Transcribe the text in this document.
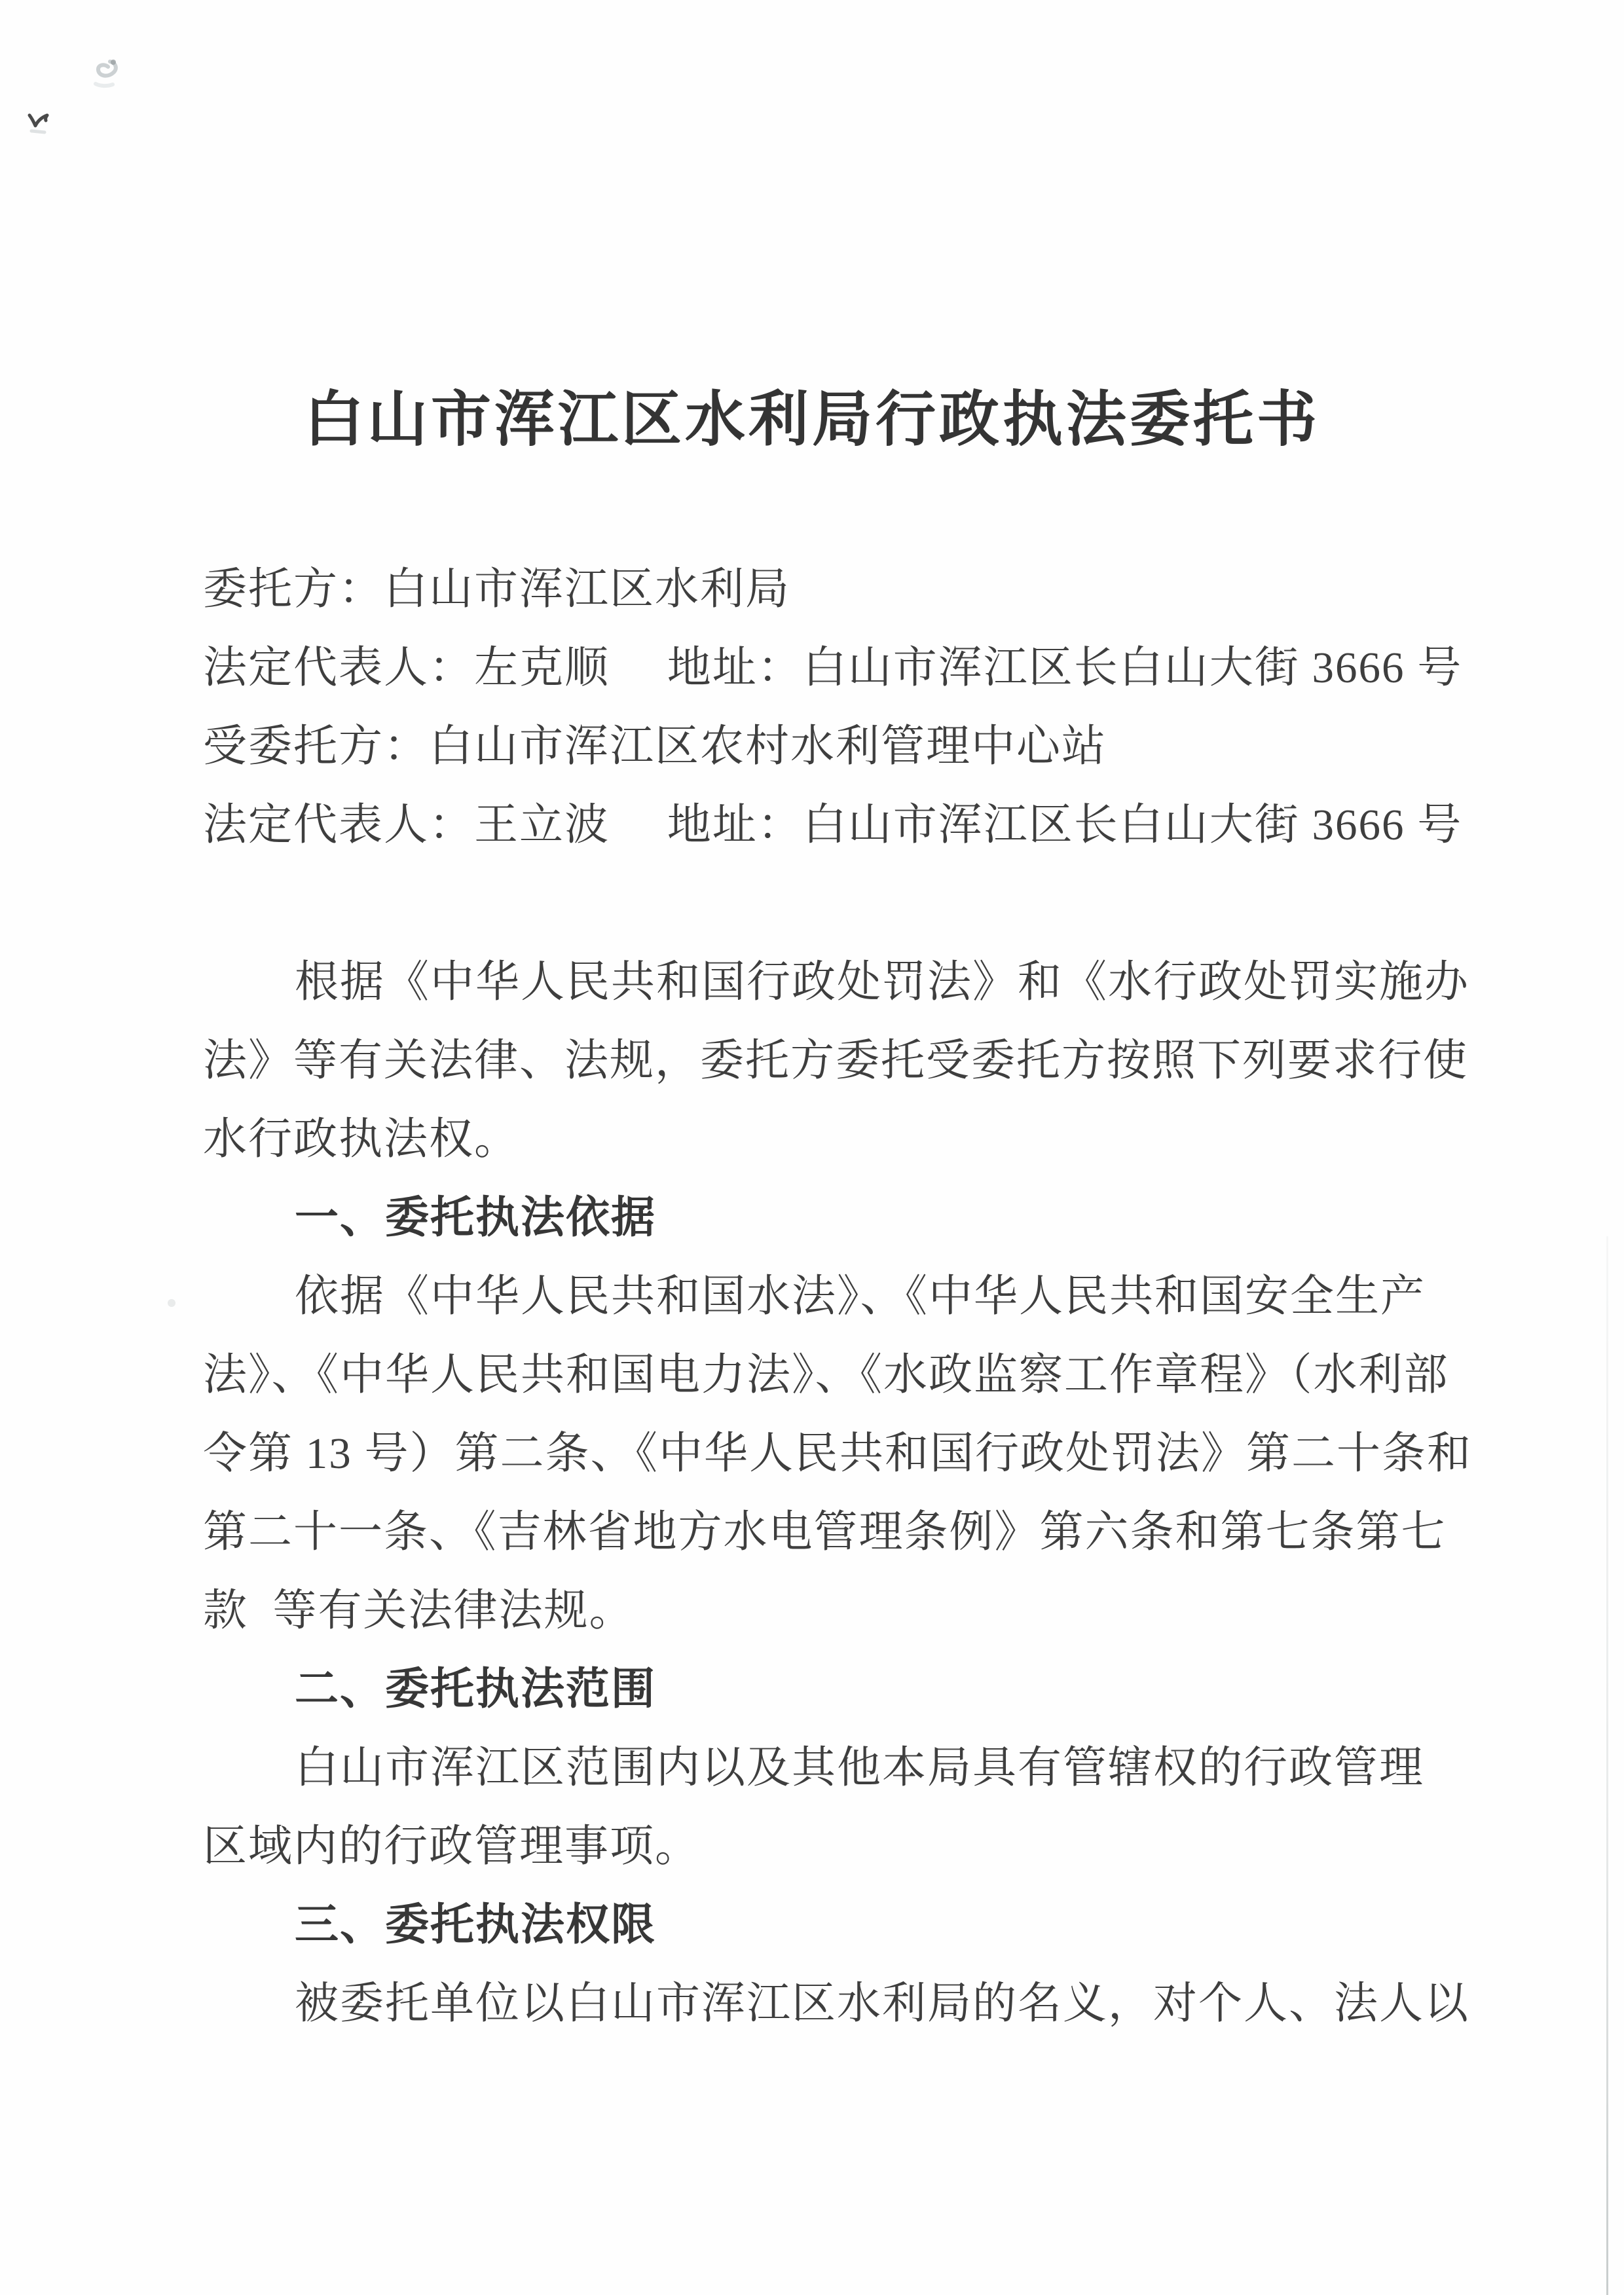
白山市浑江区水利局行政执法委托书
委托方：白山市浑江区水利局
法定代表人：左克顺　 地址：白山市浑江区长白山大街 3666 号
受委托方：白山市浑江区农村水利管理中心站
法定代表人：王立波　 地址：白山市浑江区长白山大街 3666 号
根据《中华人民共和国行政处罚法》和《水行政处罚实施办
法》等有关法律、法规，委托方委托受委托方按照下列要求行使
水行政执法权。
一、委托执法依据
依据《中华人民共和国水法》、《中华人民共和国安全生产
法》、《中华人民共和国电力法》、《水政监察工作章程》（水利部
令第 13 号）第二条、《中华人民共和国行政处罚法》第二十条和
第二十一条、《吉林省地方水电管理条例》第六条和第七条第七
款  等有关法律法规。
二、委托执法范围
白山市浑江区范围内以及其他本局具有管辖权的行政管理
区域内的行政管理事项。
三、委托执法权限
被委托单位以白山市浑江区水利局的名义，对个人、法人以
